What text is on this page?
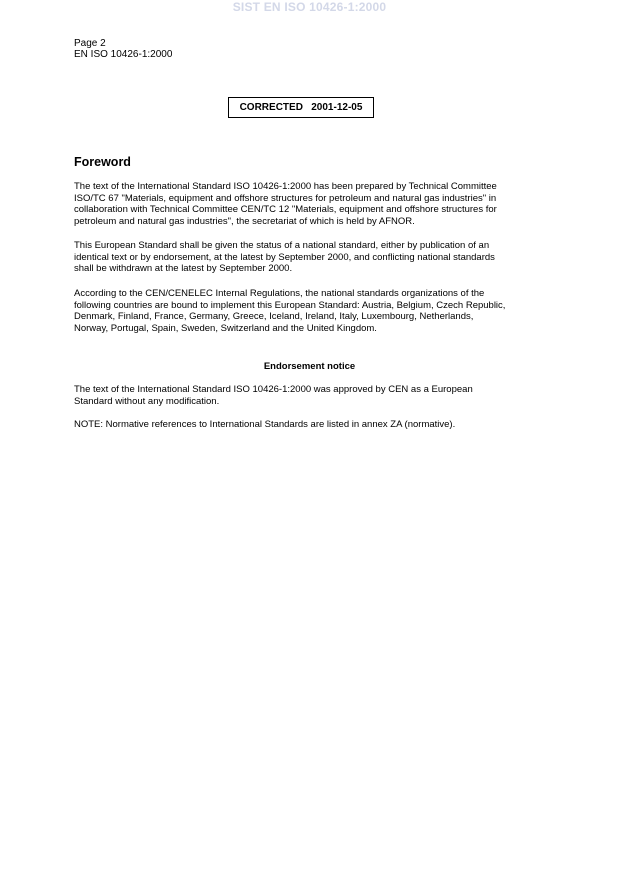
SIST EN ISO 10426-1:2000
Page 2
EN ISO 10426-1:2000
CORRECTED   2001-12-05
Foreword
The text of the International Standard ISO 10426-1:2000 has been prepared by Technical Committee
ISO/TC 67 "Materials, equipment and offshore structures for petroleum and natural gas industries" in
collaboration with Technical Committee CEN/TC 12 "Materials, equipment and offshore structures for
petroleum and natural gas industries", the secretariat of which is held by AFNOR.
This European Standard shall be given the status of a national standard, either by publication of an
identical text or by endorsement, at the latest by September 2000, and conflicting national standards
shall be withdrawn at the latest by September 2000.
According to the CEN/CENELEC Internal Regulations, the national standards organizations of the
following countries are bound to implement this European Standard: Austria, Belgium, Czech Republic,
Denmark, Finland, France, Germany, Greece, Iceland, Ireland, Italy, Luxembourg, Netherlands,
Norway, Portugal, Spain, Sweden, Switzerland and the United Kingdom.
Endorsement notice
The text of the International Standard ISO 10426-1:2000 was approved by CEN as a European
Standard without any modification.
NOTE: Normative references to International Standards are listed in annex ZA (normative).
